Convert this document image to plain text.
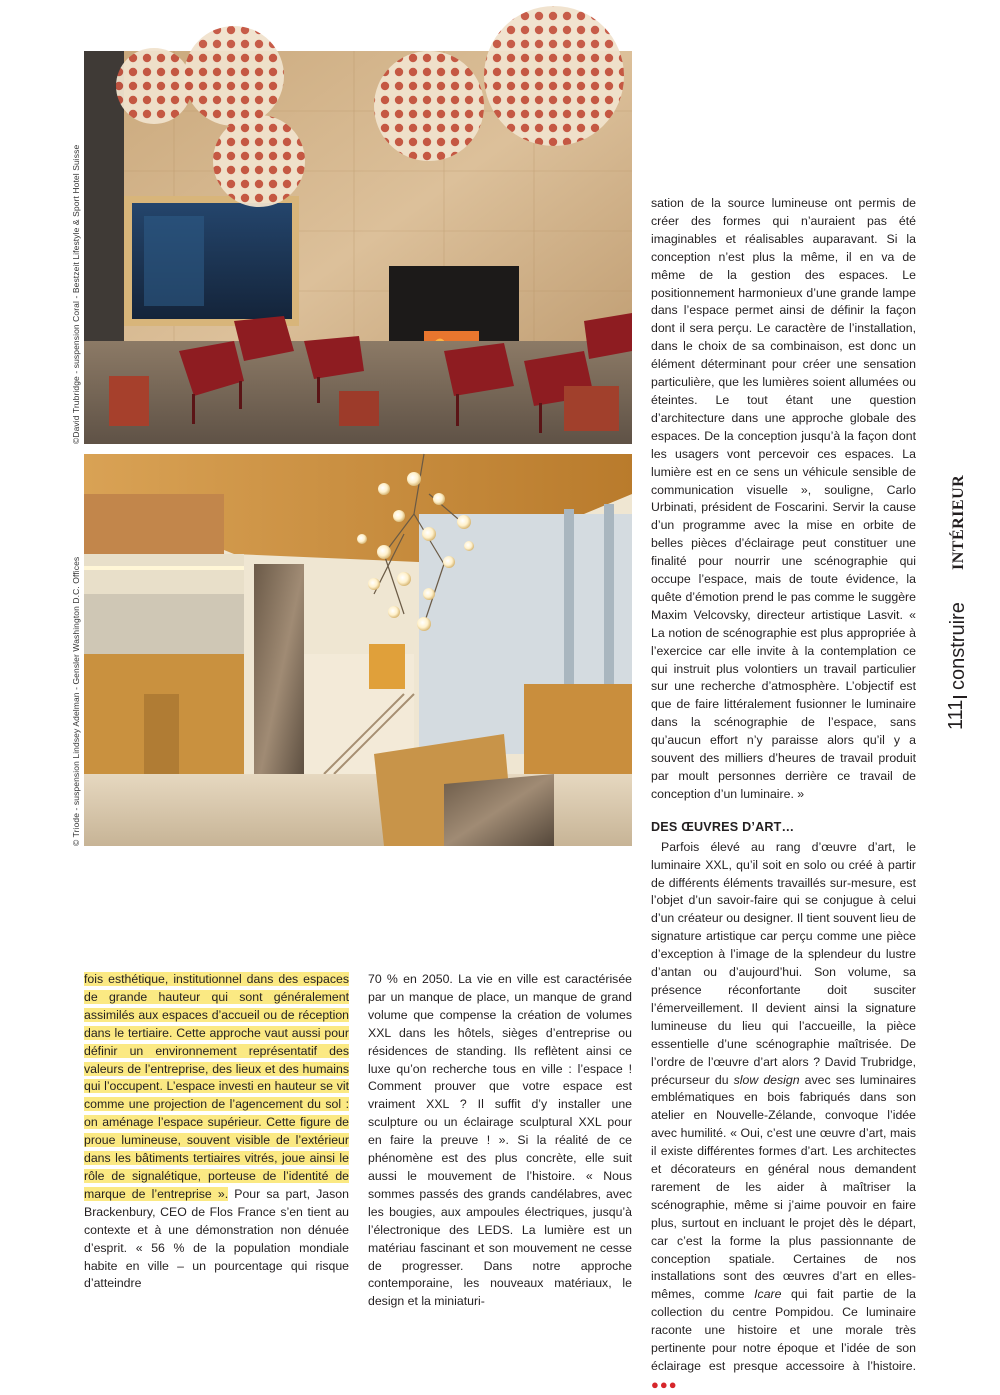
©David Trubridge - suspension Coral - Bestzeit Lifestyle & Sport Hotel Suisse
© Triode - suspension Lindsey Adelman - Gensler Washington D.C. Offices

sation de la source lumineuse ont permis de créer des formes qui n’auraient pas été imaginables et réalisables auparavant. Si la conception n’est plus la même, il en va de même de la gestion des espaces. Le positionnement harmonieux d’une grande lampe dans l’espace permet ainsi de définir la façon dont il sera perçu. Le caractère de l’installation, dans le choix de sa combinaison, est donc un élément déterminant pour créer une sensation particulière, que les lumières soient allumées ou éteintes. Le tout étant une question d’architecture dans une approche globale des espaces. De la conception jusqu’à la façon dont les usagers vont percevoir ces espaces. La lumière est en ce sens un véhicule sensible de communication visuelle », souligne, Carlo Urbinati, président de Foscarini. Servir la cause d’un programme avec la mise en orbite de belles pièces d’éclairage peut constituer une finalité pour nourrir une scénographie qui occupe l’espace, mais de toute évidence, la quête d’émotion prend le pas comme le suggère Maxim Velcovsky, directeur artistique Lasvit. « La notion de scénographie est plus appropriée à l’exercice car elle invite à la contemplation ce qui instruit plus volontiers un travail particulier sur une recherche d’atmosphère. L’objectif est que de faire littéralement fusionner le luminaire dans la scénographie de l’espace, sans qu’aucun effort n’y paraisse alors qu’il y a souvent des milliers d’heures de travail produit par moult personnes derrière ce travail de conception d’un luminaire. »

DES ŒUVRES D’ART…

Parfois élevé au rang d’œuvre d’art, le luminaire XXL, qu’il soit en solo ou créé à partir de différents éléments travaillés sur-mesure, est l’objet d’un savoir-faire qui se conjugue à celui d’un créateur ou designer. Il tient souvent lieu de signature artistique car perçu comme une pièce d’exception à l’image de la splendeur du lustre d’antan ou d’aujourd’hui. Son volume, sa présence réconfortante doit susciter l’émerveillement. Il devient ainsi la signature lumineuse du lieu qui l’accueille, la pièce essentielle d’une scénographie maîtrisée. De l’ordre de l’œuvre d’art alors ? David Trubridge, précurseur du slow design avec ses luminaires emblématiques en bois fabriqués dans son atelier en Nouvelle-Zélande, convoque l’idée avec humilité. « Oui, c’est une œuvre d’art, mais il existe différentes formes d’art. Les architectes et décorateurs en général nous demandent rarement de les aider à maîtriser la scénographie, même si j’aime pouvoir en faire plus, surtout en incluant le projet dès le départ, car c’est la forme la plus passionnante de conception spatiale. Certaines de nos installations sont des œuvres d’art en elles-mêmes, comme Icare qui fait partie de la collection du centre Pompidou. Ce luminaire raconte une histoire et une morale très pertinente pour notre époque et l’idée de son éclairage est presque accessoire à l’histoire. ●●●

fois esthétique, institutionnel dans des espaces de grande hauteur qui sont généralement assimilés aux espaces d’accueil ou de réception dans le tertiaire. Cette approche vaut aussi pour définir un environnement représentatif des valeurs de l’entreprise, des lieux et des humains qui l’occupent. L’espace investi en hauteur se vit comme une projection de l’agencement du sol : on aménage l’espace supérieur. Cette figure de proue lumineuse, souvent visible de l’extérieur dans les bâtiments tertiaires vitrés, joue ainsi le rôle de signalétique, porteuse de l’identité de marque de l’entreprise ». Pour sa part, Jason Brackenbury, CEO de Flos France s’en tient au contexte et à une démonstration non dénuée d’esprit. « 56 % de la population mondiale habite en ville – un pourcentage qui risque d’atteindre

70 % en 2050. La vie en ville est caractérisée par un manque de place, un manque de grand volume que compense la création de volumes XXL dans les hôtels, sièges d’entreprise ou résidences de standing. Ils reflètent ainsi ce luxe qu’on recherche tous en ville : l’espace ! Comment prouver que votre espace est vraiment XXL ? Il suffit d’y installer une sculpture ou un éclairage sculptural XXL pour en faire la preuve ! ». Si la réalité de ce phénomène est des plus concrète, elle suit aussi le mouvement de l’histoire. « Nous sommes passés des grands candélabres, avec les bougies, aux ampoules électriques, jusqu’à l’électronique des LEDS. La lumière est un matériau fascinant et son mouvement ne cesse de progresser. Dans notre approche contemporaine, les nouveaux matériaux, le design et la miniaturi-

INTÉRIEUR
construire
111
